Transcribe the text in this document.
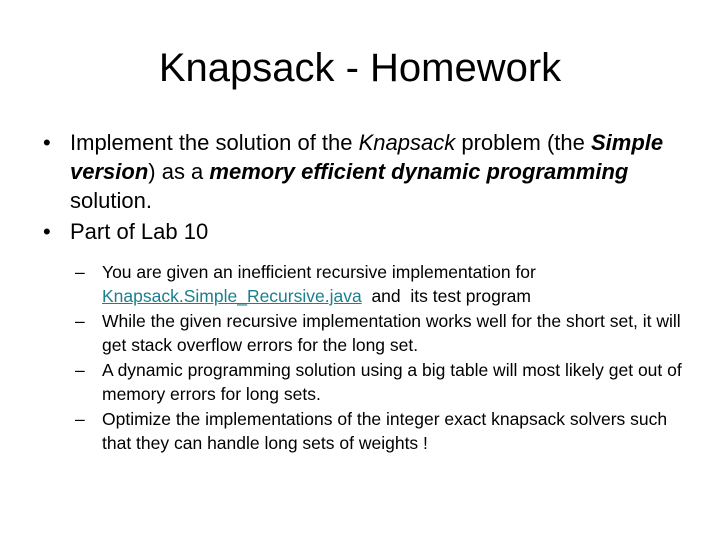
Knapsack - Homework
• Implement the solution of the Knapsack problem (the Simple version) as a memory efficient dynamic programming solution.
• Part of Lab 10
– You are given an inefficient recursive implementation for Knapsack.Simple_Recursive.java  and  its test program
– While the given recursive implementation works well for the short set, it will get stack overflow errors for the long set.
– A dynamic programming solution using a big table will most likely get out of memory errors for long sets.
– Optimize the implementations of the integer exact knapsack solvers such that they can handle long sets of weights !
